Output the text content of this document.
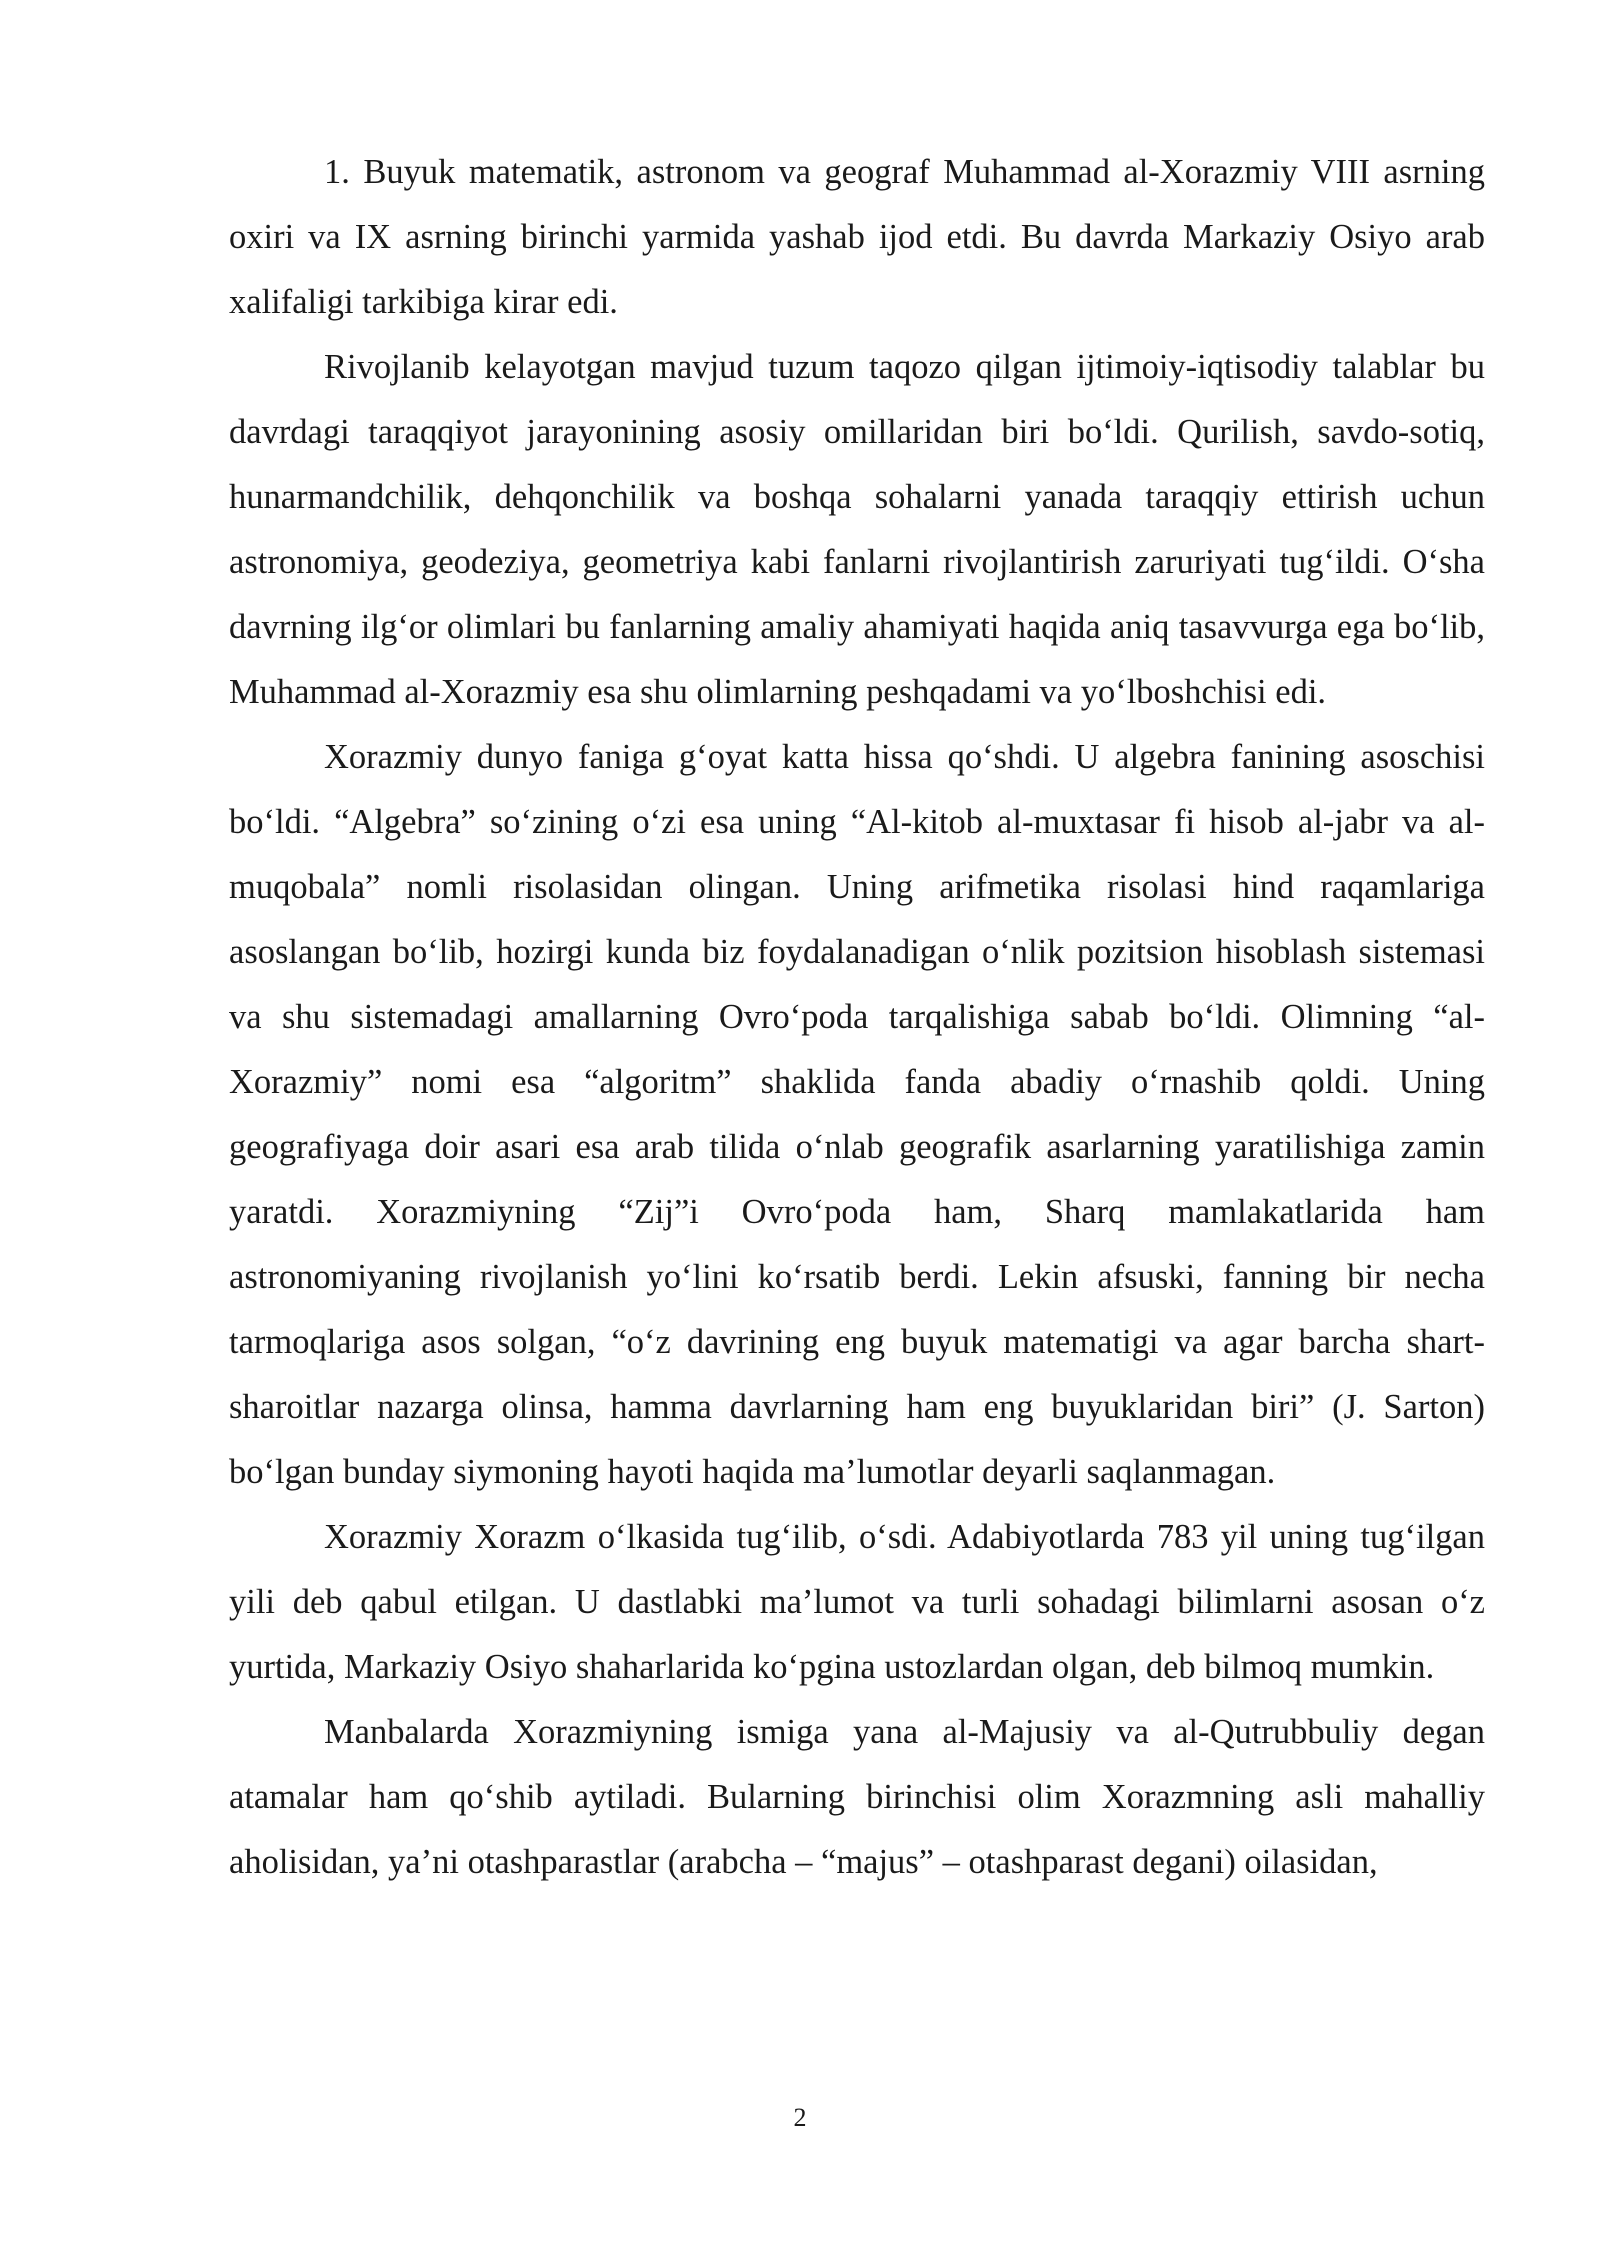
1. Buyuk matematik, astronom va geograf Muhammad al-Xorazmiy VIII asrning oxiri va IX asrning birinchi yarmida yashab ijod etdi. Bu davrda Markaziy Osiyo arab xalifaligi tarkibiga kirar edi.

Rivojlanib kelayotgan mavjud tuzum taqozo qilgan ijtimoiy-iqtisodiy talablar bu davrdagi taraqqiyot jarayonining asosiy omillaridan biri bo‘ldi. Qurilish, savdo-sotiq, hunarmandchilik, dehqonchilik va boshqa sohalarni yanada taraqqiy ettirish uchun astronomiya, geodeziya, geometriya kabi fanlarni rivojlantirish zaruriyati tug‘ildi. O‘sha davrning ilg‘or olimlari bu fanlarning amaliy ahamiyati haqida aniq tasavvurga ega bo‘lib, Muhammad al-Xorazmiy esa shu olimlarning peshqadami va yo‘lboshchisi edi.

Xorazmiy dunyo faniga g‘oyat katta hissa qo‘shdi. U algebra fanining asoschisi bo‘ldi. “Algebra” so‘zining o‘zi esa uning “Al-kitob al-muxtasar fi hisob al-jabr va al-muqobala” nomli risolasidan olingan. Uning arifmetika risolasi hind raqamlariga asoslangan bo‘lib, hozirgi kunda biz foydalanadigan o‘nlik pozitsion hisoblash sistemasi va shu sistemadagi amallarning Ovro‘poda tarqalishiga sabab bo‘ldi. Olimning “al-Xorazmiy” nomi esa “algoritm” shaklida fanda abadiy o‘rnashib qoldi. Uning geografiyaga doir asari esa arab tilida o‘nlab geografik asarlarning yaratilishiga zamin yaratdi. Xorazmiyning “Zij”i Ovro‘poda ham, Sharq mamlakatlarida ham astronomiyaning rivojlanish yo‘lini ko‘rsatib berdi. Lekin afsuski, fanning bir necha tarmoqlariga asos solgan, “o‘z davrining eng buyuk matematigi va agar barcha shart-sharoitlar nazarga olinsa, hamma davrlarning ham eng buyuklaridan biri” (J. Sarton) bo‘lgan bunday siymoning hayoti haqida ma’lumotlar deyarli saqlanmagan.

Xorazmiy Xorazm o‘lkasida tug‘ilib, o‘sdi. Adabiyotlarda 783 yil uning tug‘ilgan yili deb qabul etilgan. U dastlabki ma’lumot va turli sohadagi bilimlarni asosan o‘z yurtida, Markaziy Osiyo shaharlarida ko‘pgina ustozlardan olgan, deb bilmoq mumkin.

Manbalarda Xorazmiyning ismiga yana al-Majusiy va al-Qutrubbuliy degan atamalar ham qo‘shib aytiladi. Bularning birinchisi olim Xorazmning asli mahalliy aholisidan, ya’ni otashparastlar (arabcha – “majus” – otashparast degani) oilasidan,

2
